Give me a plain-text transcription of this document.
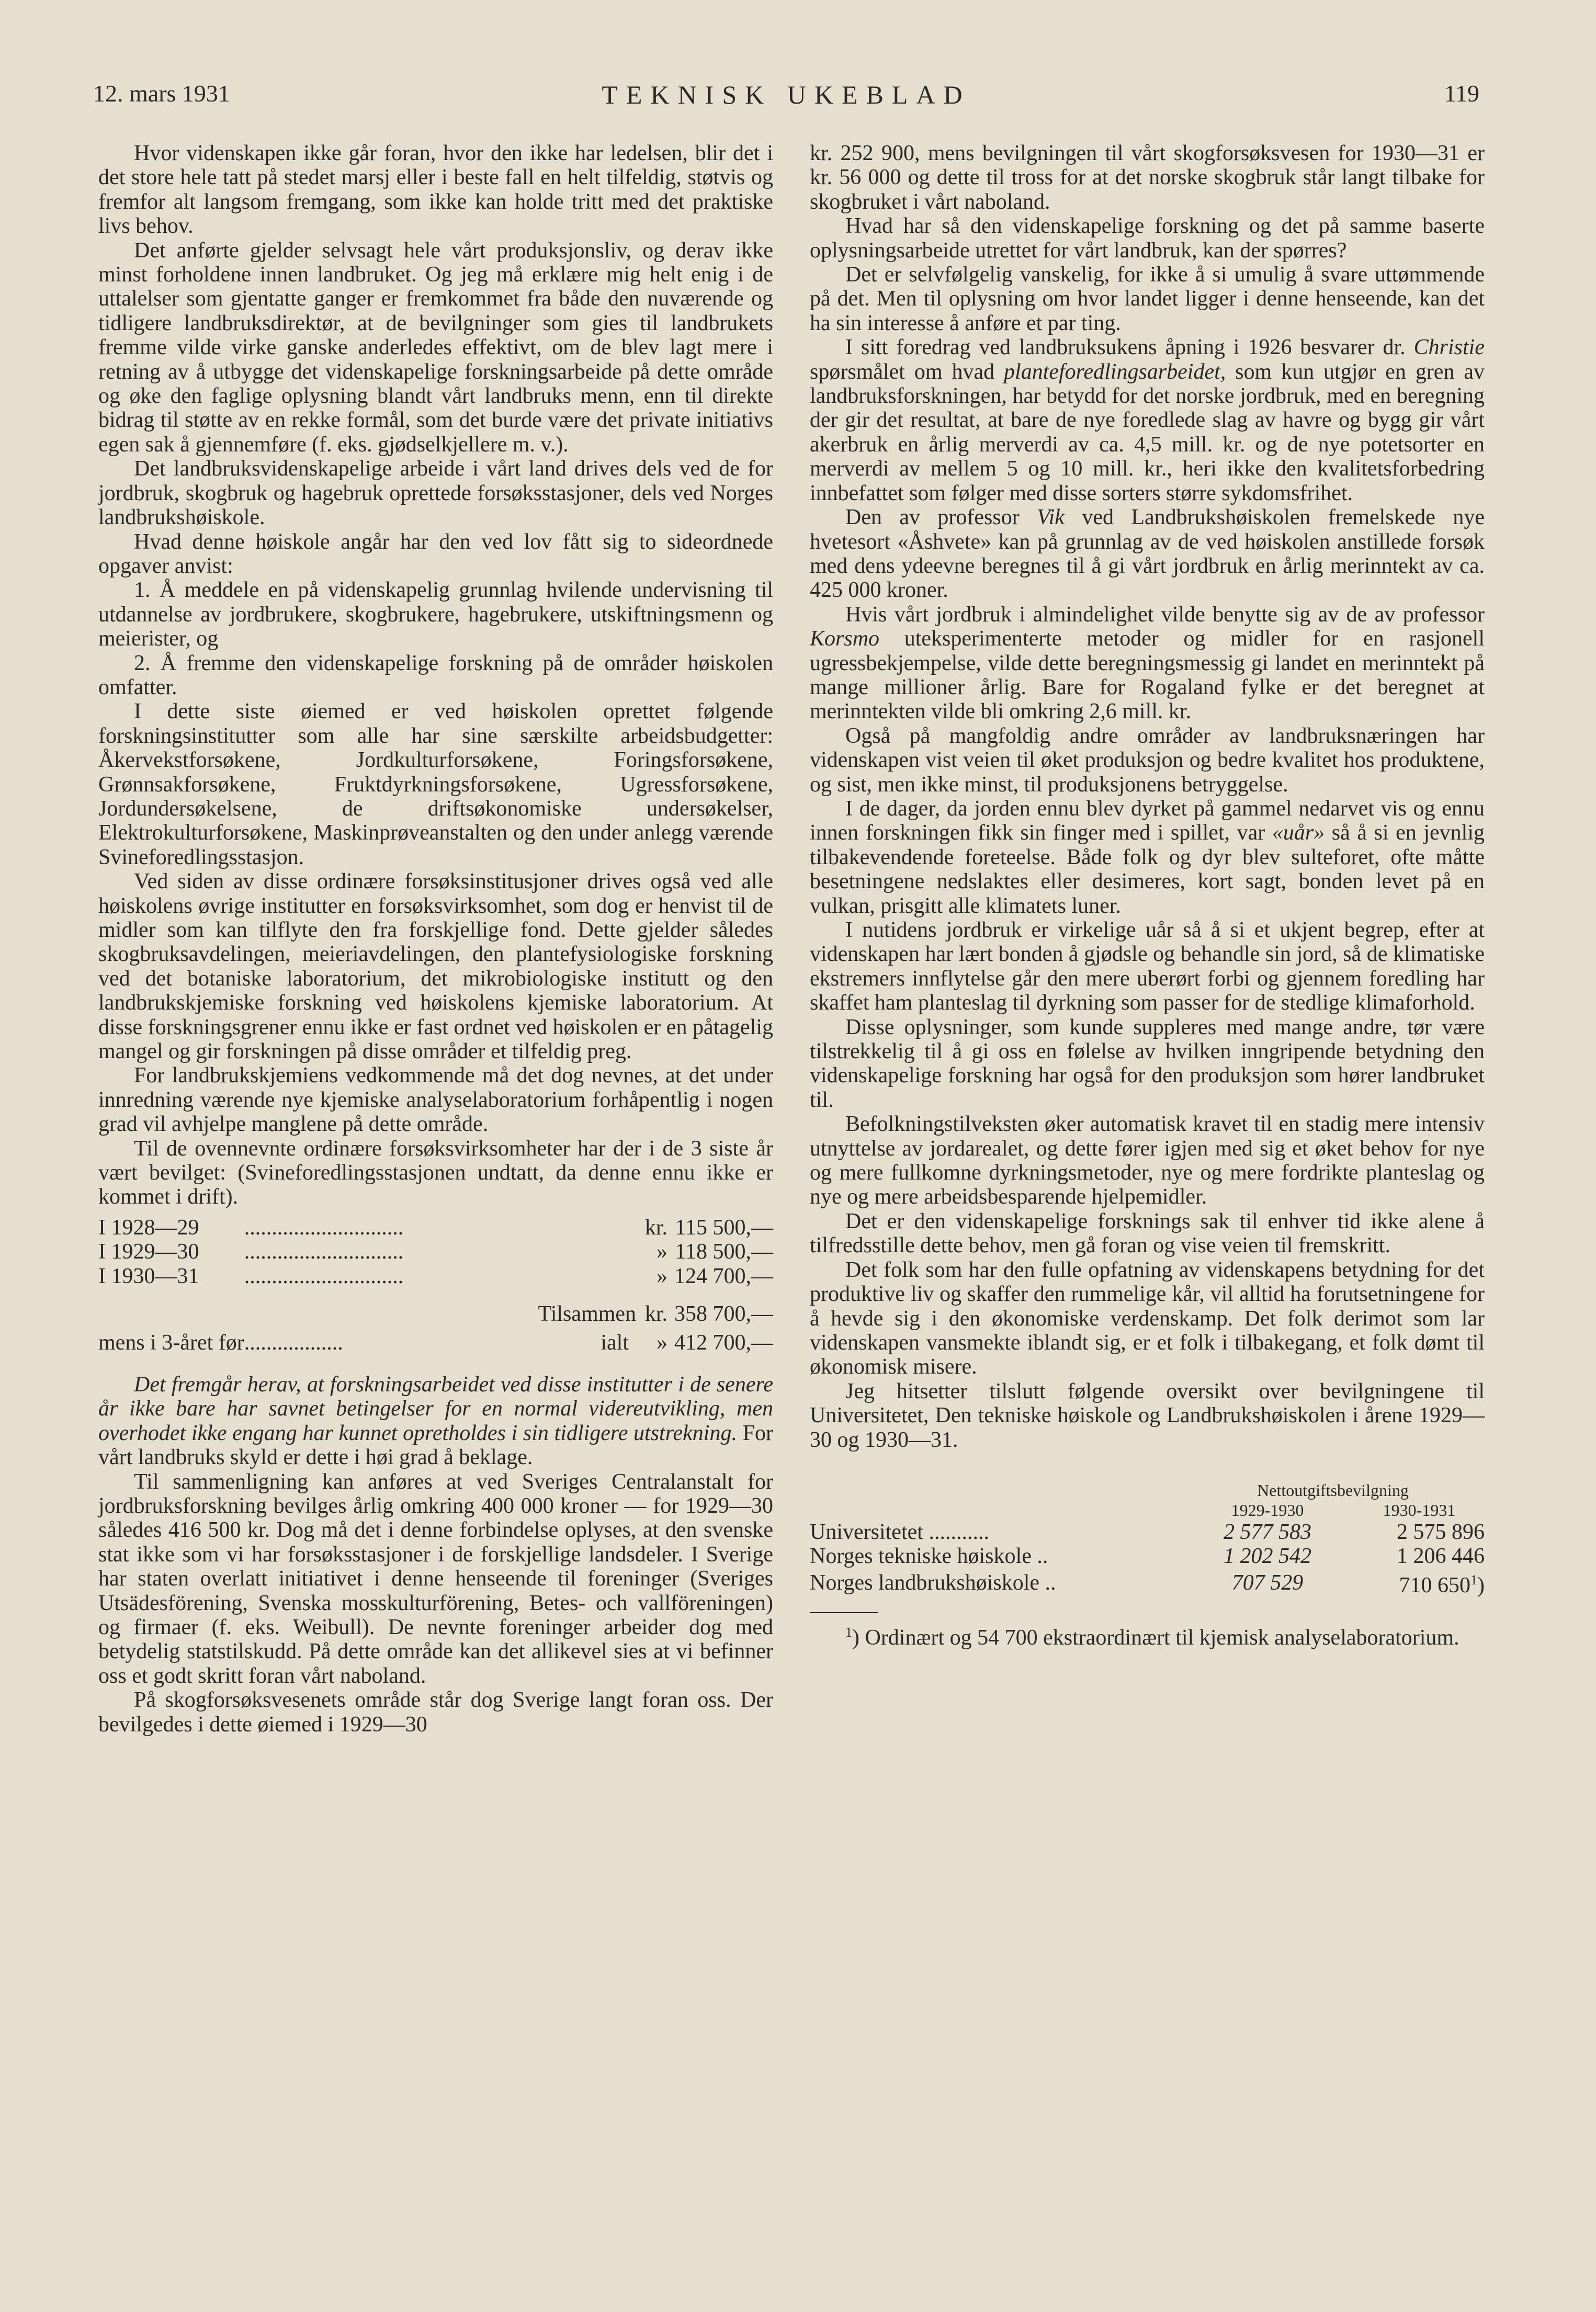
12. mars 1931	TEKNISK UKEBLAD	119

Hvor videnskapen ikke går foran, hvor den ikke har ledelsen, blir det i det store hele tatt på stedet marsj eller i beste fall en helt tilfeldig, støtvis og fremfor alt langsom fremgang, som ikke kan holde tritt med det praktiske livs behov.

Det anførte gjelder selvsagt hele vårt produksjonsliv, og derav ikke minst forholdene innen landbruket. Og jeg må erklære mig helt enig i de uttalelser som gjentatte ganger er fremkommet fra både den nuværende og tidligere landbruksdirektør, at de bevilgninger som gies til landbrukets fremme vilde virke ganske anderledes effektivt, om de blev lagt mere i retning av å utbygge det videnskapelige forskningsarbeide på dette område og øke den faglige oplysning blandt vårt landbruks menn, enn til direkte bidrag til støtte av en rekke formål, som det burde være det private initiativs egen sak å gjennemføre (f. eks. gjødselkjellere m. v.).

Det landbruksvidenskapelige arbeide i vårt land drives dels ved de for jordbruk, skogbruk og hagebruk oprettede forsøksstasjoner, dels ved Norges landbrukshøiskole.

Hvad denne høiskole angår har den ved lov fått sig to sideordnede opgaver anvist:

1. Å meddele en på videnskapelig grunnlag hvilende undervisning til utdannelse av jordbrukere, skogbrukere, hagebrukere, utskiftningsmenn og meierister, og
2. Å fremme den videnskapelige forskning på de områder høiskolen omfatter.

I dette siste øiemed er ved høiskolen oprettet følgende forskningsinstitutter som alle har sine særskilte arbeidsbudgetter: Åkervekstforsøkene, Jordkulturforsøkene, Foringsforsøkene, Grønnsakforsøkene, Fruktdyrkningsforsøkene, Ugressforsøkene, Jordundersøkelsene, de driftsøkonomiske undersøkelser, Elektrokulturforsøkene, Maskinprøveanstalten og den under anlegg værende Svineforedlingsstasjon.

Ved siden av disse ordinære forsøksinstitusjoner drives også ved alle høiskolens øvrige institutter en forsøksvirksomhet, som dog er henvist til de midler som kan tilflyte den fra forskjellige fond. Dette gjelder således skogbruksavdelingen, meieriavdelingen, den plantefysiologiske forskning ved det botaniske laboratorium, det mikrobiologiske institutt og den landbrukskjemiske forskning ved høiskolens kjemiske laboratorium. At disse forskningsgrener ennu ikke er fast ordnet ved høiskolen er en påtagelig mangel og gir forskningen på disse områder et tilfeldig preg.

For landbrukskjemiens vedkommende må det dog nevnes, at det under innredning værende nye kjemiske analyselaboratorium forhåpentlig i nogen grad vil avhjelpe manglene på dette område.

Til de ovennevnte ordinære forsøksvirksomheter har der i de 3 siste år vært bevilget: (Svineforedlingsstasjonen undtatt, da denne ennu ikke er kommet i drift).

I 1928—29	.............................	kr.	115 500,—
I 1929—30	.............................	»	118 500,—
I 1930—31	.............................	»	124 700,—
	Tilsammen	kr.	358 700,—
mens i 3-året før	.................. ialt	»	412 700,—

Det fremgår herav, at forskningsarbeidet ved disse institutter i de senere år ikke bare har savnet betingelser for en normal videreutvikling, men overhodet ikke engang har kunnet opretholdes i sin tidligere utstrekning. For vårt landbruks skyld er dette i høi grad å beklage.

Til sammenligning kan anføres at ved Sveriges Centralanstalt for jordbruksforskning bevilges årlig omkring 400 000 kroner — for 1929—30 således 416 500 kr. Dog må det i denne forbindelse oplyses, at den svenske stat ikke som vi har forsøksstasjoner i de forskjellige landsdeler. I Sverige har staten overlatt initiativet i denne henseende til foreninger (Sveriges Utsädesförening, Svenska mosskulturförening, Betes- och vallföreningen) og firmaer (f. eks. Weibull). De nevnte foreninger arbeider dog med betydelig statstilskudd. På dette område kan det allikevel sies at vi befinner oss et godt skritt foran vårt naboland.

På skogforsøksvesenets område står dog Sverige langt foran oss. Der bevilgedes i dette øiemed i 1929—30

kr. 252 900, mens bevilgningen til vårt skogforsøksvesen for 1930—31 er kr. 56 000 og dette til tross for at det norske skogbruk står langt tilbake for skogbruket i vårt naboland.

Hvad har så den videnskapelige forskning og det på samme baserte oplysningsarbeide utrettet for vårt landbruk, kan der spørres?

Det er selvfølgelig vanskelig, for ikke å si umulig å svare uttømmende på det. Men til oplysning om hvor landet ligger i denne henseende, kan det ha sin interesse å anføre et par ting.

I sitt foredrag ved landbruksukens åpning i 1926 besvarer dr. Christie spørsmålet om hvad planteforedlingsarbeidet, som kun utgjør en gren av landbruksforskningen, har betydd for det norske jordbruk, med en beregning der gir det resultat, at bare de nye foredlede slag av havre og bygg gir vårt akerbruk en årlig merverdi av ca. 4,5 mill. kr. og de nye potetsorter en merverdi av mellem 5 og 10 mill. kr., heri ikke den kvalitetsforbedring innbefattet som følger med disse sorters større sykdomsfrihet.

Den av professor Vik ved Landbrukshøiskolen fremelskede nye hvetesort «Åshvete» kan på grunnlag av de ved høiskolen anstillede forsøk med dens ydeevne beregnes til å gi vårt jordbruk en årlig merinntekt av ca. 425 000 kroner.

Hvis vårt jordbruk i almindelighet vilde benytte sig av de av professor Korsmo uteksperimenterte metoder og midler for en rasjonell ugressbekjempelse, vilde dette beregningsmessig gi landet en merinntekt på mange millioner årlig. Bare for Rogaland fylke er det beregnet at merinntekten vilde bli omkring 2,6 mill. kr.

Også på mangfoldig andre områder av landbruksnæringen har videnskapen vist veien til øket produksjon og bedre kvalitet hos produktene, og sist, men ikke minst, til produksjonens betryggelse.

I de dager, da jorden ennu blev dyrket på gammel nedarvet vis og ennu innen forskningen fikk sin finger med i spillet, var «uår» så å si en jevnlig tilbakevendende foreteelse. Både folk og dyr blev sulteforet, ofte måtte besetningene nedslaktes eller desimeres, kort sagt, bonden levet på en vulkan, prisgitt alle klimatets luner.

I nutidens jordbruk er virkelige uår så å si et ukjent begrep, efter at videnskapen har lært bonden å gjødsle og behandle sin jord, så de klimatiske ekstremers innflytelse går den mere uberørt forbi og gjennem foredling har skaffet ham planteslag til dyrkning som passer for de stedlige klimaforhold.

Disse oplysninger, som kunde suppleres med mange andre, tør være tilstrekkelig til å gi oss en følelse av hvilken inngripende betydning den videnskapelige forskning har også for den produksjon som hører landbruket til.

Befolkningstilveksten øker automatisk kravet til en stadig mere intensiv utnyttelse av jordarealet, og dette fører igjen med sig et øket behov for nye og mere fullkomne dyrkningsmetoder, nye og mere fordrikte planteslag og nye og mere arbeidsbesparende hjelpemidler.

Det er den videnskapelige forsknings sak til enhver tid ikke alene å tilfredsstille dette behov, men gå foran og vise veien til fremskritt.

Det folk som har den fulle opfatning av videnskapens betydning for det produktive liv og skaffer den rummelige kår, vil alltid ha forutsetningene for å hevde sig i den økonomiske verdenskamp. Det folk derimot som lar videnskapen vansmekte iblandt sig, er et folk i tilbakegang, et folk dømt til økonomisk misere.

Jeg hitsetter tilslutt følgende oversikt over bevilgningene til Universitetet, Den tekniske høiskole og Landbrukshøiskolen i årene 1929—30 og 1930—31.

Nettoutgiftsbevilgning
1929-1930	1930-1931
Universitetet ...........	2 577 583	2 575 896
Norges tekniske høiskole ..	1 202 542	1 206 446
Norges landbrukshøiskole ..	707 529	710 $650^1$)

$^1$) Ordinært og 54 700 ekstraordinært til kjemisk analyselaboratorium.
